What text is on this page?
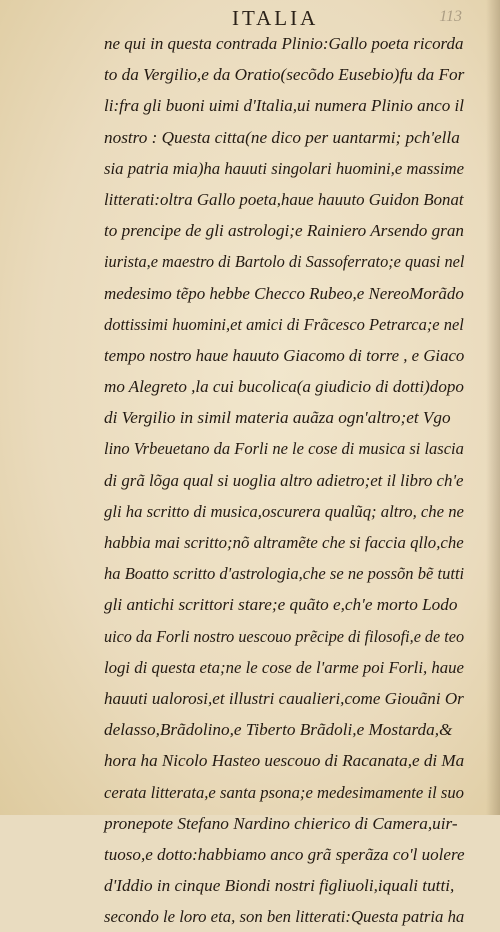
ITALIA	113
ne qui in questa contrada Plinio:Gallo poeta ricorda
to da Vergilio,e da Oratio(secõdo Eusebio)fu da For
li:fra gli buoni uimi d'Italia,ui numera Plinio anco il
nostro : Questa citta(ne dico per uantarmi; pch'ella
sia patria mia)ha hauuti singolari huomini,e massime
litterati:oltra Gallo poeta,haue hauuto Guidon Bonat
to prencipe de gli astrologi;e Rainiero Arsendo gran
iurista,e maestro di Bartolo di Sassoferrato;e quasi nel
medesimo tẽpo hebbe Checco Rubeo,e NereoMorãdo
dottissimi huomini,et amici di Frãcesco Petrarca;e nel
tempo nostro haue hauuto Giacomo di torre , e Giaco
mo Alegreto ,la cui bucolica(a giudicio di dotti)dopo
di Vergilio in simil materia auãza ogn'altro;et Vgo
lino Vrbeuetano da Forli ne le cose di musica si lascia
di grã lõga qual si uoglia altro adietro;et il libro ch'e
gli ha scritto di musica,oscurera qualũq; altro, che ne
habbia mai scritto;nõ altramẽte che si faccia qllo,che
ha Boatto scritto d'astrologia,che se ne possõn bẽ tutti
gli antichi scrittori stare;e quãto e,ch'e morto Lodo
uico da Forli nostro uescouo prẽcipe di filosofi,e de teo
logi di questa eta;ne le cose de l'arme poi Forli, haue
hauuti ualorosi,et illustri caualieri,come Giouãni Or
delasso,Brãdolino,e Tiberto Brãdoli,e Mostarda,&
hora ha Nicolo Hasteo uescouo di Racanata,e di Ma
cerata litterata,e santa psona;e medesimamente il suo
pronepote Stefano Nardino chierico di Camera,uir-
tuoso,e dotto:habbiamo anco grã sperãza co'l uolere
d'Iddio in cinque Biondi nostri figliuoli,iquali tutti,
secondo le loro eta, son ben litterati:Questa patria ha
